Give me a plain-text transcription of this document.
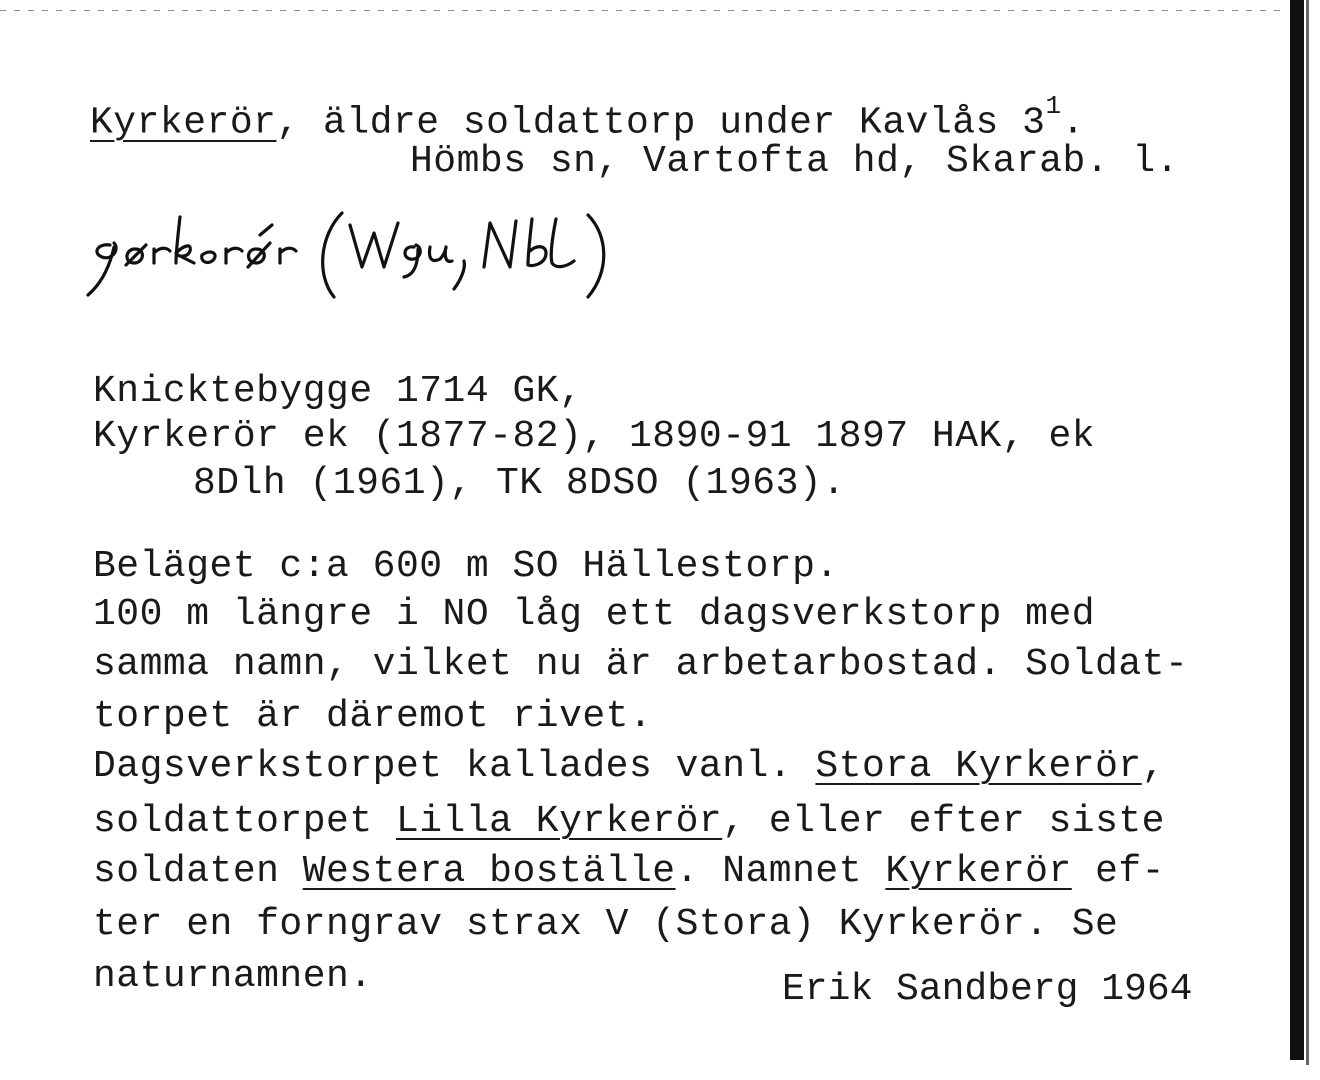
Kyrkerör, äldre soldattorp under Kavlås $3^1$.
Hömbs sn, Vartofta hd, Skarab. l.
Knicktebygge 1714 GK,
Kyrkerör ek (1877-82), 1890-91 1897 HAK, ek
8Dlh (1961), TK 8DSO (1963).
Beläget c:a 600 m SO Hällestorp.
100 m längre i NO låg ett dagsverkstorp med
samma namn, vilket nu är arbetarbostad. Soldat-
torpet är däremot rivet.
Dagsverkstorpet kallades vanl. Stora Kyrkerör,
soldattorpet Lilla Kyrkerör, eller efter siste
soldaten Westera boställe. Namnet Kyrkerör ef-
ter en forngrav strax V (Stora) Kyrkerör. Se
naturnamnen.	Erik Sandberg 1964
